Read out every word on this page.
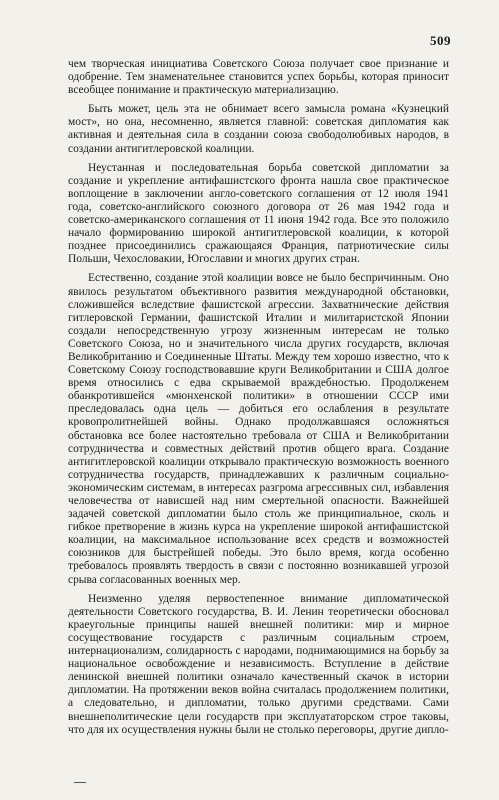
509

чем творческая инициатива Советского Союза получает свое признание и одобрение. Тем знаменательнее становится успех борьбы, которая приносит всеобщее понимание и практическую материализацию.

Быть может, цель эта не обнимает всего замысла романа «Кузнецкий мост», но она, несомненно, является главной: советская дипломатия как активная и деятельная сила в создании союза свободолюбивых народов, в создании антигитлеровской коалиции.

Неустанная и последовательная борьба советской дипломатии за создание и укрепление антифашистского фронта нашла свое практическое воплощение в заключении англо-советского соглашения от 12 июля 1941 года, советско-английского союзного договора от 26 мая 1942 года и советско-американского соглашения от 11 июня 1942 года. Все это положило начало формированию широкой антигитлеровской коалиции, к которой позднее присоединились сражающаяся Франция, патриотические силы Польши, Чехословакии, Югославии и многих других стран.

Естественно, создание этой коалиции вовсе не было беспричинным. Оно явилось результатом объективного развития международной обстановки, сложившейся вследствие фашистской агрессии. Захватнические действия гитлеровской Германии, фашистской Италии и милитаристской Японии создали непосредственную угрозу жизненным интересам не только Советского Союза, но и значительного числа других государств, включая Великобританию и Соединенные Штаты. Между тем хорошо известно, что к Советскому Союзу господствовавшие круги Великобритании и США долгое время относились с едва скрываемой враждебностью. Продолженем обанкротившейся «мюнхенской политики» в отношении СССР ими преследовалась одна цель — добиться его ослабления в результате кровопролитнейшей войны. Однако продолжавшаяся осложняться обстановка все более настоятельно требовала от США и Великобритании сотрудничества и совместных действий против общего врага. Создание антигитлеровской коалиции открывало практическую возможность военного сотрудничества государств, принадлежавших к различным социально-экономическим системам, в интересах разгрома агрессивных сил, избавления человечества от нависшей над ним смертельной опасности. Важнейшей задачей советской дипломатии было столь же принципиальное, сколь и гибкое претворение в жизнь курса на укрепление широкой антифашистской коалиции, на максимальное использование всех средств и возможностей союзников для быстрейшей победы. Это было время, когда особенно требовалось проявлять твердость в связи с постоянно возникавшей угрозой срыва согласованных военных мер.

Неизменно уделяя первостепенное внимание дипломатической деятельности Советского государства, В. И. Ленин теоретически обосновал краеугольные принципы нашей внешней политики: мир и мирное сосуществование государств с различным социальным строем, интернационализм, солидарность с народами, поднимающимися на борьбу за национальное освобождение и независимость. Вступление в действие ленинской внешней политики означало качественный скачок в истории дипломатии. На протяжении веков война считалась продолжением политики, а следовательно, и дипломатии, только другими средствами. Сами внешнеполитические цели государств при эксплуататорском строе таковы, что для их осуществления нужны были не столько переговоры, другие дипло-
